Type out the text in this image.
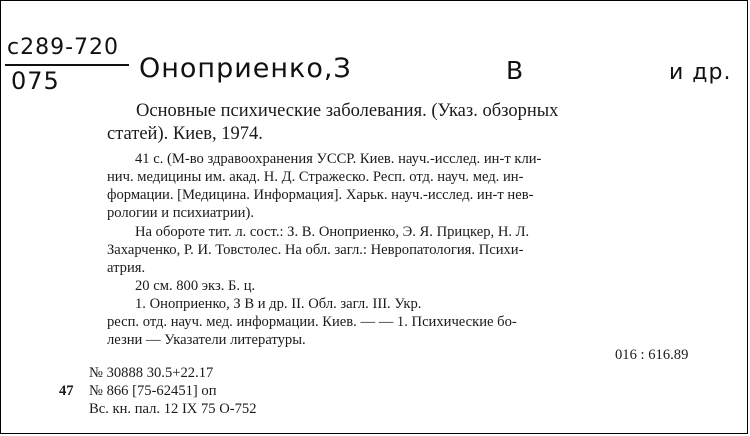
с289-720
075	Оноприенко,З	В	и др.
Основные психические заболевания. (Указ. обзорных
статей). Киев, 1974.
41 с. (М-во здравоохранения УССР. Киев. науч.-исслед. ин-т кли-
нич. медицины им. акад. Н. Д. Стражеско. Респ. отд. науч. мед. ин-
формации. [Медицина. Информация]. Харьк. науч.-исслед. ин-т нев-
рологии и психиатрии).
На обороте тит. л. сост.: З. В. Оноприенко, Э. Я. Прицкер, Н. Л.
Захарченко, Р. И. Товстолес. На обл. загл.: Невропатология. Психи-
атрия.
20 см. 800 экз. Б. ц.
1. Оноприенко, З В и др. II. Обл. загл. III. Укр.
респ. отд. науч. мед. информации. Киев. — — 1. Психические бо-
лезни — Указатели литературы.
016 : 616.89
№ 30888 30.5+22.17
47 № 866 [75-62451] оп
Вс. кн. пал. 12 IX 75 О-752
